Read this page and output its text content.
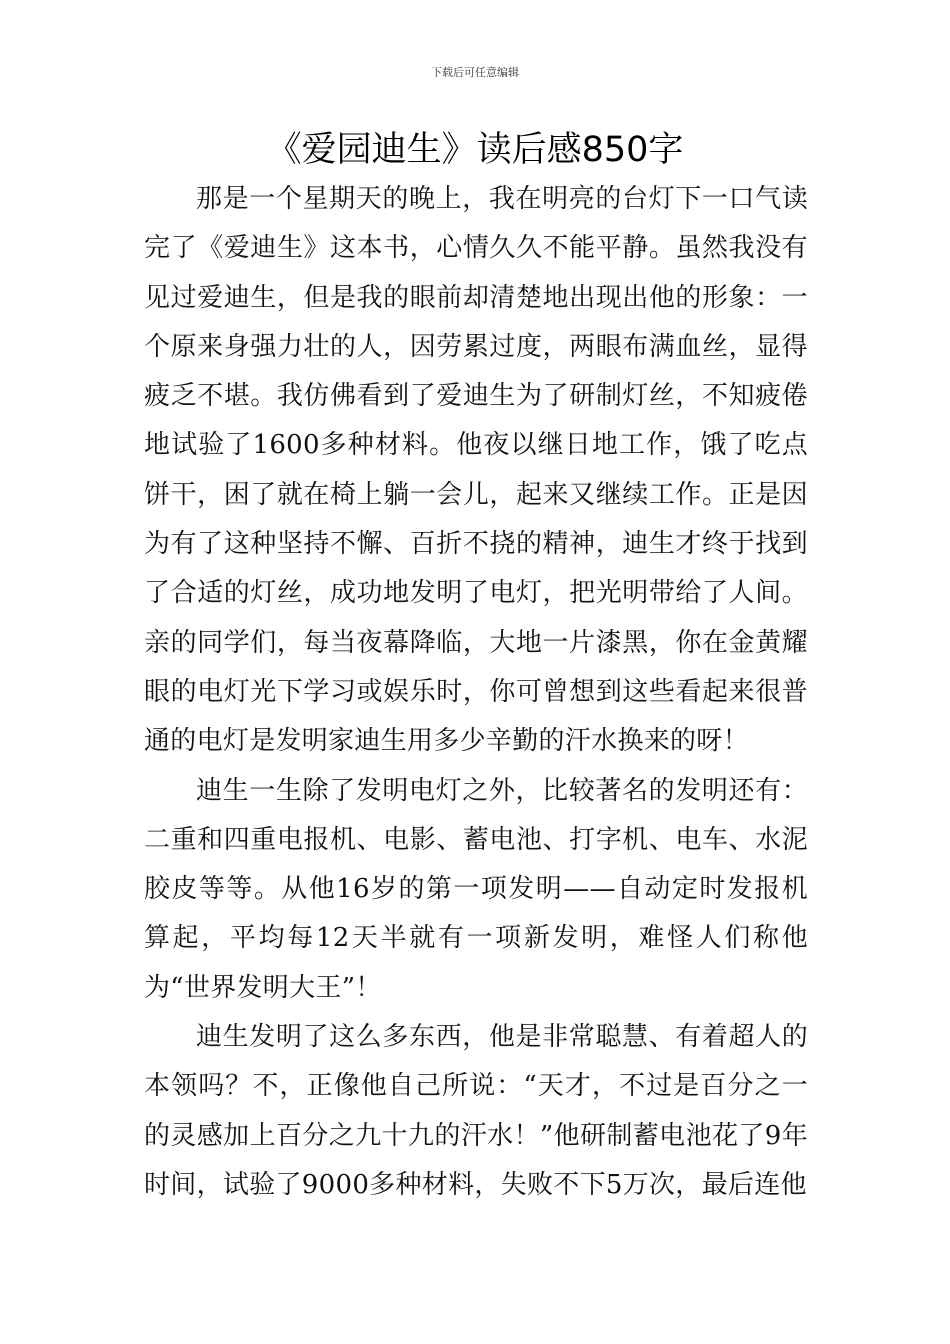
下载后可任意编辑
《爱园迪生》读后感850字

那是一个星期天的晚上，我在明亮的台灯下一口气读完了《爱迪生》这本书，心情久久不能平静。虽然我没有见过爱迪生，但是我的眼前却清楚地出现出他的形象：一个原来身强力壮的人，因劳累过度，两眼布满血丝，显得疲乏不堪。我仿佛看到了爱迪生为了研制灯丝，不知疲倦地试验了1600多种材料。他夜以继日地工作，饿了吃点饼干，困了就在椅上躺一会儿，起来又继续工作。正是因为有了这种坚持不懈、百折不挠的精神，迪生才终于找到了合适的灯丝，成功地发明了电灯，把光明带给了人间。亲的同学们，每当夜幕降临，大地一片漆黑，你在金黄耀眼的电灯光下学习或娱乐时，你可曾想到这些看起来很普通的电灯是发明家迪生用多少辛勤的汗水换来的呀！

迪生一生除了发明电灯之外，比较著名的发明还有：二重和四重电报机、电影、蓄电池、打字机、电车、水泥胶皮等等。从他16岁的第一项发明——自动定时发报机算起，平均每12天半就有一项新发明，难怪人们称他为“世界发明大王”！

迪生发明了这么多东西，他是非常聪慧、有着超人的本领吗？不，正像他自己所说：“天才，不过是百分之一的灵感加上百分之九十九的汗水！”他研制蓄电池花了9年时间，试验了9000多种材料，失败不下5万次，最后连他
